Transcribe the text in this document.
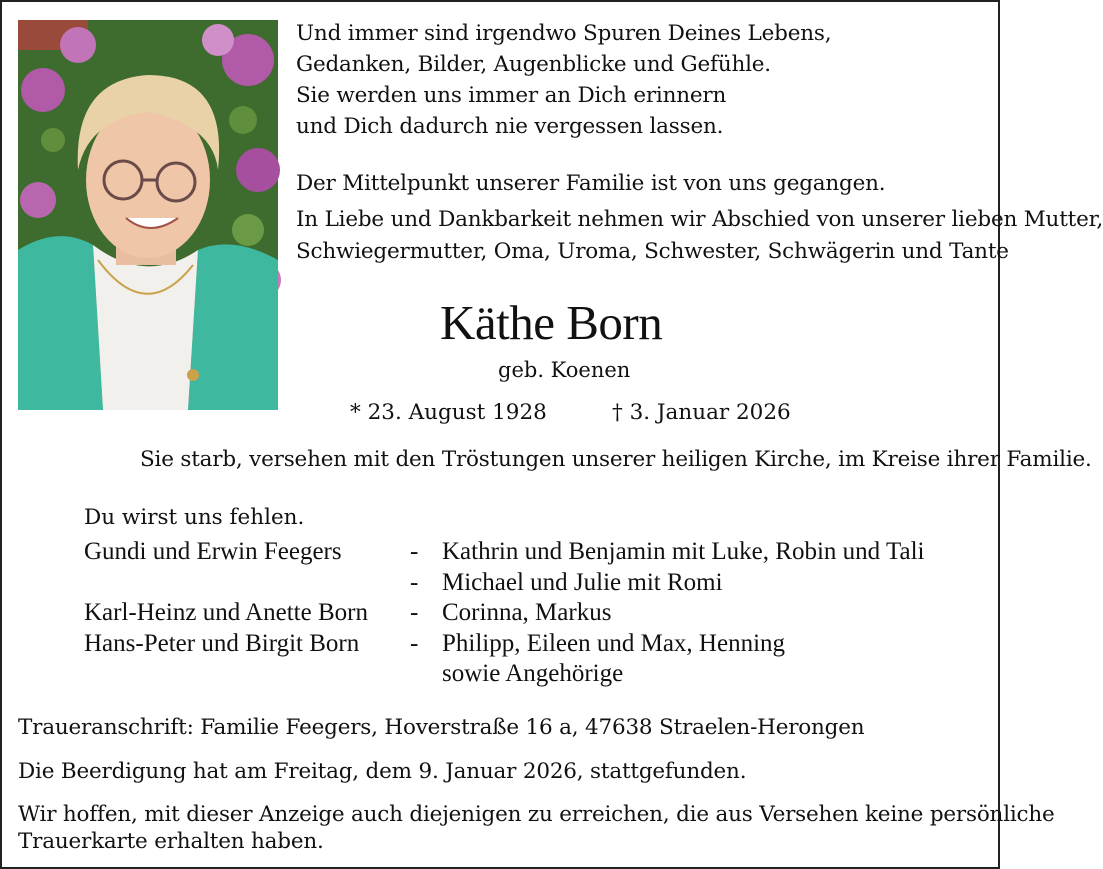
Und immer sind irgendwo Spuren Deines Lebens,
Gedanken, Bilder, Augenblicke und Gefühle.
Sie werden uns immer an Dich erinnern
und Dich dadurch nie vergessen lassen.
Der Mittelpunkt unserer Familie ist von uns gegangen.
In Liebe und Dankbarkeit nehmen wir Abschied von unserer lieben Mutter,
Schwiegermutter, Oma, Uroma, Schwester, Schwägerin und Tante
Käthe Born
geb. Koenen
* 23. August 1928	† 3. Januar 2026
Sie starb, versehen mit den Tröstungen unserer heiligen Kirche, im Kreise ihrer Familie.
Du wirst uns fehlen.
Gundi und Erwin Feegers	- Kathrin und Benjamin mit Luke, Robin und Tali
- Michael und Julie mit Romi
Karl-Heinz und Anette Born - Corinna, Markus
Hans-Peter und Birgit Born - Philipp, Eileen und Max, Henning
sowie Angehörige
Traueranschrift: Familie Feegers, Hoverstraße 16 a, 47638 Straelen-Herongen
Die Beerdigung hat am Freitag, dem 9. Januar 2026, stattgefunden.
Wir hoffen, mit dieser Anzeige auch diejenigen zu erreichen, die aus Versehen keine persönliche
Trauerkarte erhalten haben.
